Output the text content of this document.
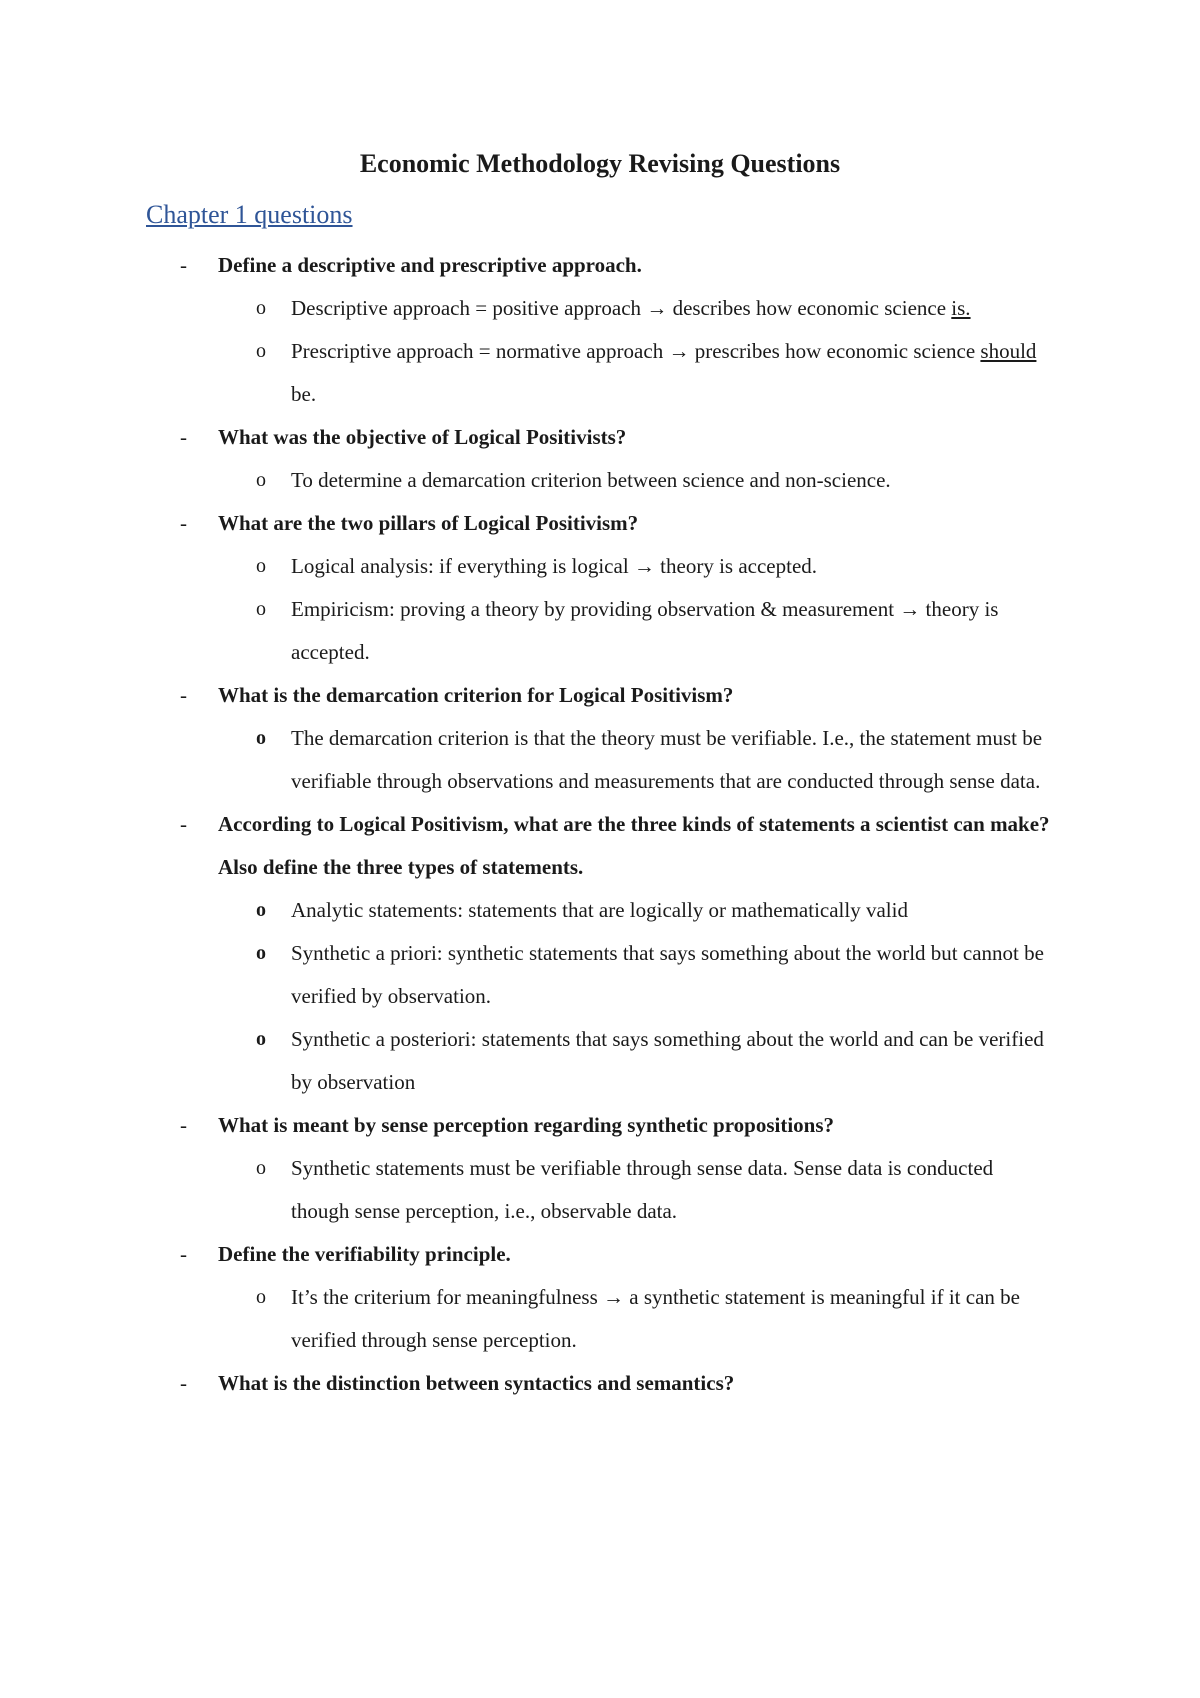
Economic Methodology Revising Questions
Chapter 1 questions
- Define a descriptive and prescriptive approach.
o Descriptive approach = positive approach → describes how economic science is.
o Prescriptive approach = normative approach → prescribes how economic science should be.
- What was the objective of Logical Positivists?
o To determine a demarcation criterion between science and non-science.
- What are the two pillars of Logical Positivism?
o Logical analysis: if everything is logical → theory is accepted.
o Empiricism: proving a theory by providing observation & measurement → theory is accepted.
- What is the demarcation criterion for Logical Positivism?
o The demarcation criterion is that the theory must be verifiable. I.e., the statement must be verifiable through observations and measurements that are conducted through sense data.
- According to Logical Positivism, what are the three kinds of statements a scientist can make? Also define the three types of statements.
o Analytic statements: statements that are logically or mathematically valid
o Synthetic a priori: synthetic statements that says something about the world but cannot be verified by observation.
o Synthetic a posteriori: statements that says something about the world and can be verified by observation
- What is meant by sense perception regarding synthetic propositions?
o Synthetic statements must be verifiable through sense data. Sense data is conducted though sense perception, i.e., observable data.
- Define the verifiability principle.
o It’s the criterium for meaningfulness → a synthetic statement is meaningful if it can be verified through sense perception.
- What is the distinction between syntactics and semantics?
